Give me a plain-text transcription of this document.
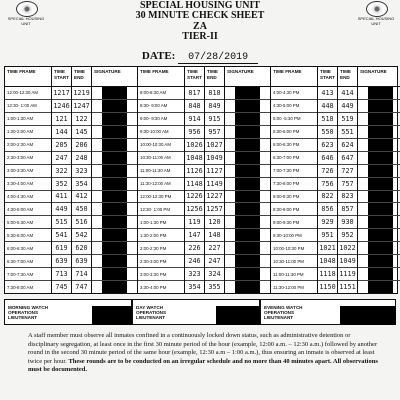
SPECIAL HOUSING UNIT
SPECIAL HOUSING UNIT
SPECIAL HOUSING UNIT
30 MINUTE CHECK SHEET
ZA
TIER-II
DATE: 07/28/2019
TIME FRAME
12:00-12:30 AM
12:30- 1:00 AM
1:00-1:30 AM
1:30-2:00 AM
2:00-2:30 AM
2:30-3:00 AM
3:00-3:30 AM
3:30-4:00 AM
4:00-4:30 AM
4:30-5:00 AM
5:00-5:30 AM
5:30-6:00 AM
6:00-6:30 AM
6:30-7:00 AM
7:00-7:30 AM
7:30-8:00 AM
TIME START
1217
1246
121
144
205
247
322
352
411
449
515
541
619
639
713
745
TIME END
1219
1247
122
145
206
248
323
354
412
450
516
542
620
639
714
747
SIGNATURE	TIME FRAME
8:00-8:30 AM
8:30- 9:00 AM
9:00- 9:30 AM
9:30-10:00 AM
10:00-10:30 AM
10:30-11:00 AM
11:00-11:30 AM
11:30-12:00 AM
12:00-12:30 PM
12:30- 1:00 PM
1:00-1:30 PM
1:30-2:00 PM
2:00-2:30 PM
2:30-3:00 PM
3:00-3:30 PM
3:30-4:00 PM
TIME START
817
848
914
956
1026
1048
1126
1148
1226
1256
119
147
226
246
323
354
TIME END
818
849
915
957
1027
1049
1127
1149
1227
1257
120
148
227
247
324
355
SIGNATURE	TIME FRAME
4:00-4:30 PM
4:30-5:00 PM
5:00 -5:30 PM
5:30-6:00 PM
6:00-6:30 PM
6:30-7:00 PM
7:00-7:30 PM
7:30-8:00 PM
8:00-8:30 PM
8:30-9:00 PM
9:00-9:30 PM
9:30-10:00 PM
10:00-10:30 PM
10:30-11:00 PM
11:00-11:30 PM
11:30-12:00 PM
TIME START
413
448
518
550
623
646
726
756
822
856
929
951
1021
1048
1118
1150
TIME END
414
449
519
551
624
647
727
757
823
857
930
952
1022
1049
1119
1151
SIGNATURE
MORNING WATCH
OPERATIONS
LIEUTENANT
DAY WATCH
OPERATIONS
LIEUTENANT
EVENING WATCH
OPERATIONS
LIEUTENANT
A staff member must observe all inmates confined in a continuously locked down status, such as administrative detention or disciplinary segregation, at least once in the first 30 minute period of the hour (example, 12:00 a.m. – 12:30 a.m.) followed by another round in the second 30 minute period of the same hour (example, 12:30 a.m – 1:00 a.m.), thus ensuring an inmate is observed at least twice per hour. These rounds are to be conducted on an irregular schedule and no more than 40 minutes apart. All observations must be documented.
